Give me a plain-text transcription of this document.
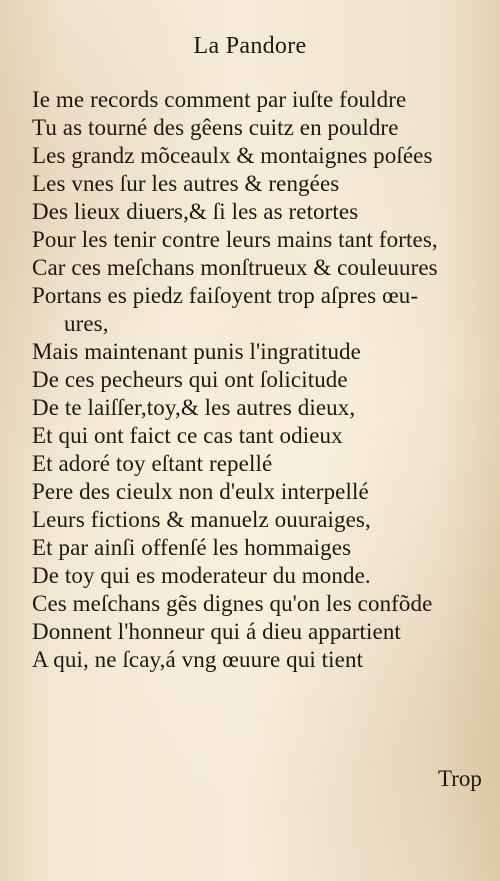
La Pandore
Ie me records comment par iuſte fouldre
Tu as tourné des gêens cuitz en pouldre
Les grandz mõceaulx & montaignes poſées
Les vnes ſur les autres & rengées
Des lieux diuers,& ſi les as retortes
Pour les tenir contre leurs mains tant fortes,
Car ces meſchans monſtrueux & couleuures
Portans es piedz faiſoyent trop aſpres œu-
ures,
Mais maintenant punis l'ingratitude
De ces pecheurs qui ont ſolicitude
De te laiſſer,toy,& les autres dieux,
Et qui ont faict ce cas tant odieux
Et adoré toy eſtant repellé
Pere des cieulx non d'eulx interpellé
Leurs fictions & manuelz ouuraiges,
Et par ainſi offenſé les hommaiges
De toy qui es moderateur du monde.
Ces meſchans gẽs dignes qu'on les confõde
Donnent l'honneur qui á dieu appartient
A qui, ne ſcay,á vng œuure qui tient
Trop
